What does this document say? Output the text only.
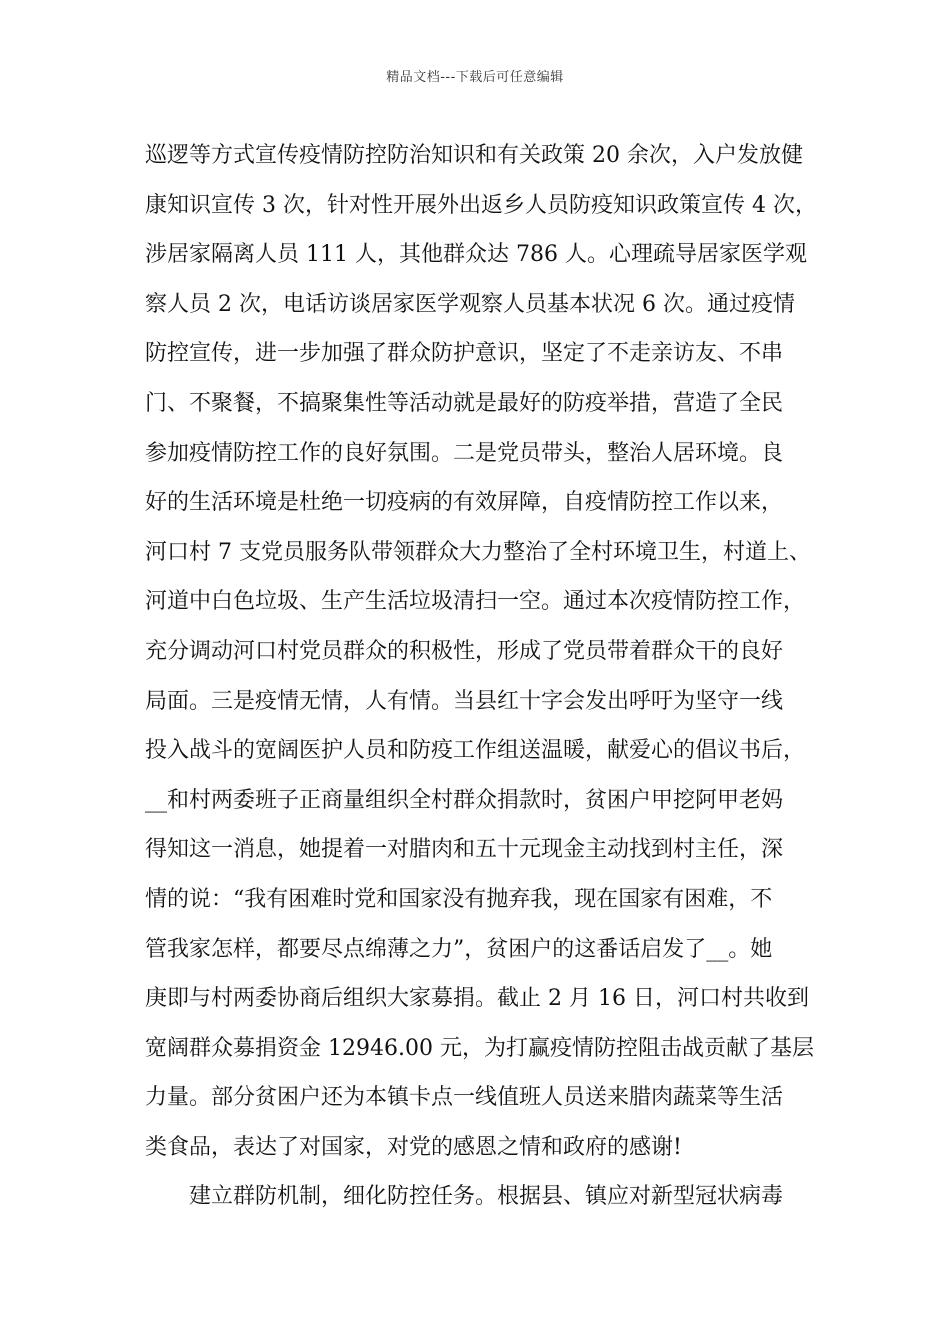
精品文档---下载后可任意编辑
巡逻等方式宣传疫情防控防治知识和有关政策 20 余次，入户发放健
康知识宣传 3 次，针对性开展外出返乡人员防疫知识政策宣传 4 次，
涉居家隔离人员 111 人，其他群众达 786 人。心理疏导居家医学观
察人员 2 次，电话访谈居家医学观察人员基本状况 6 次。通过疫情
防控宣传，进一步加强了群众防护意识，坚定了不走亲访友、不串
门、不聚餐，不搞聚集性等活动就是最好的防疫举措，营造了全民
参加疫情防控工作的良好氛围。二是党员带头，整治人居环境。良
好的生活环境是杜绝一切疫病的有效屏障，自疫情防控工作以来，
河口村 7 支党员服务队带领群众大力整治了全村环境卫生，村道上、
河道中白色垃圾、生产生活垃圾清扫一空。通过本次疫情防控工作，
充分调动河口村党员群众的积极性，形成了党员带着群众干的良好
局面。三是疫情无情，人有情。当县红十字会发出呼吁为坚守一线
投入战斗的宽阔医护人员和防疫工作组送温暖，献爱心的倡议书后，
__和村两委班子正商量组织全村群众捐款时，贫困户甲挖阿甲老妈
得知这一消息，她提着一对腊肉和五十元现金主动找到村主任，深
情的说：“我有困难时党和国家没有抛弃我，现在国家有困难，不
管我家怎样，都要尽点绵薄之力”，贫困户的这番话启发了__。她
庚即与村两委协商后组织大家募捐。截止 2 月 16 日，河口村共收到
宽阔群众募捐资金 12946.00 元，为打赢疫情防控阻击战贡献了基层
力量。部分贫困户还为本镇卡点一线值班人员送来腊肉蔬菜等生活
类食品，表达了对国家，对党的感恩之情和政府的感谢!
建立群防机制，细化防控任务。根据县、镇应对新型冠状病毒
